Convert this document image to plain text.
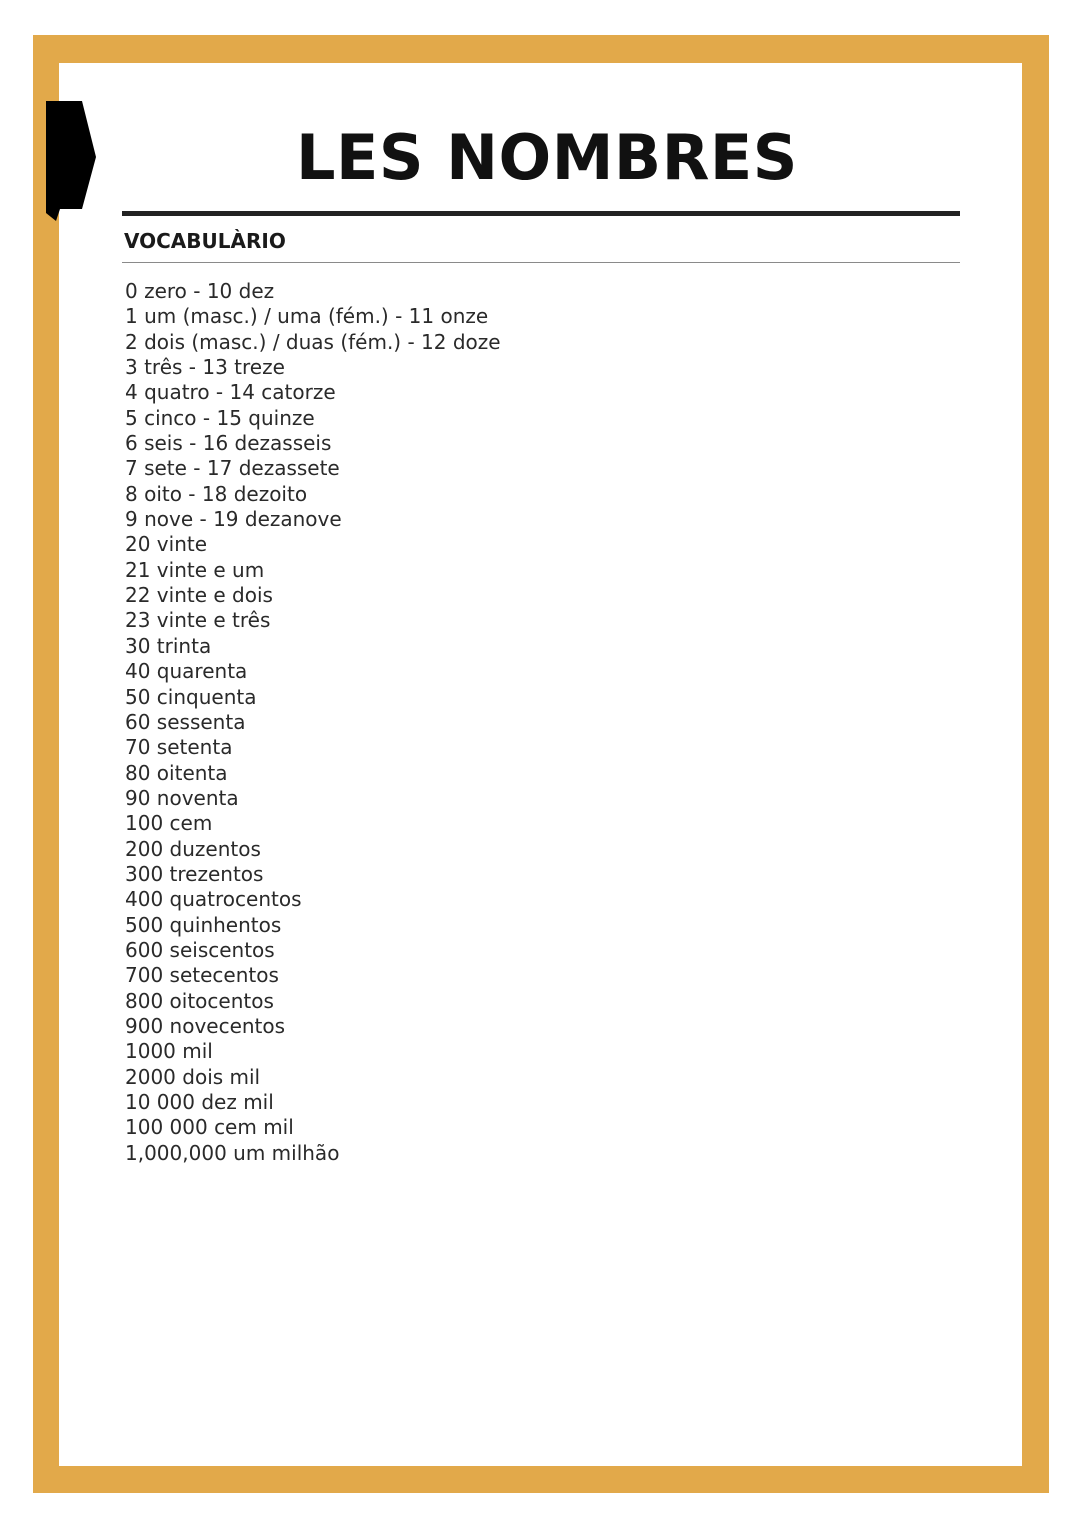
LES NOMBRES
VOCABULÀRIO
0 zero - 10 dez
1 um (masc.) / uma (fém.) - 11 onze
2 dois (masc.) / duas (fém.) - 12 doze
3 três - 13 treze
4 quatro - 14 catorze
5 cinco - 15 quinze
6 seis - 16 dezasseis
7 sete - 17 dezassete
8 oito - 18 dezoito
9 nove - 19 dezanove
20 vinte
21 vinte e um
22 vinte e dois
23 vinte e três
30 trinta
40 quarenta
50 cinquenta
60 sessenta
70 setenta
80 oitenta
90 noventa
100 cem
200 duzentos
300 trezentos
400 quatrocentos
500 quinhentos
600 seiscentos
700 setecentos
800 oitocentos
900 novecentos
1000 mil
2000 dois mil
10 000 dez mil
100 000 cem mil
1,000,000 um milhão
